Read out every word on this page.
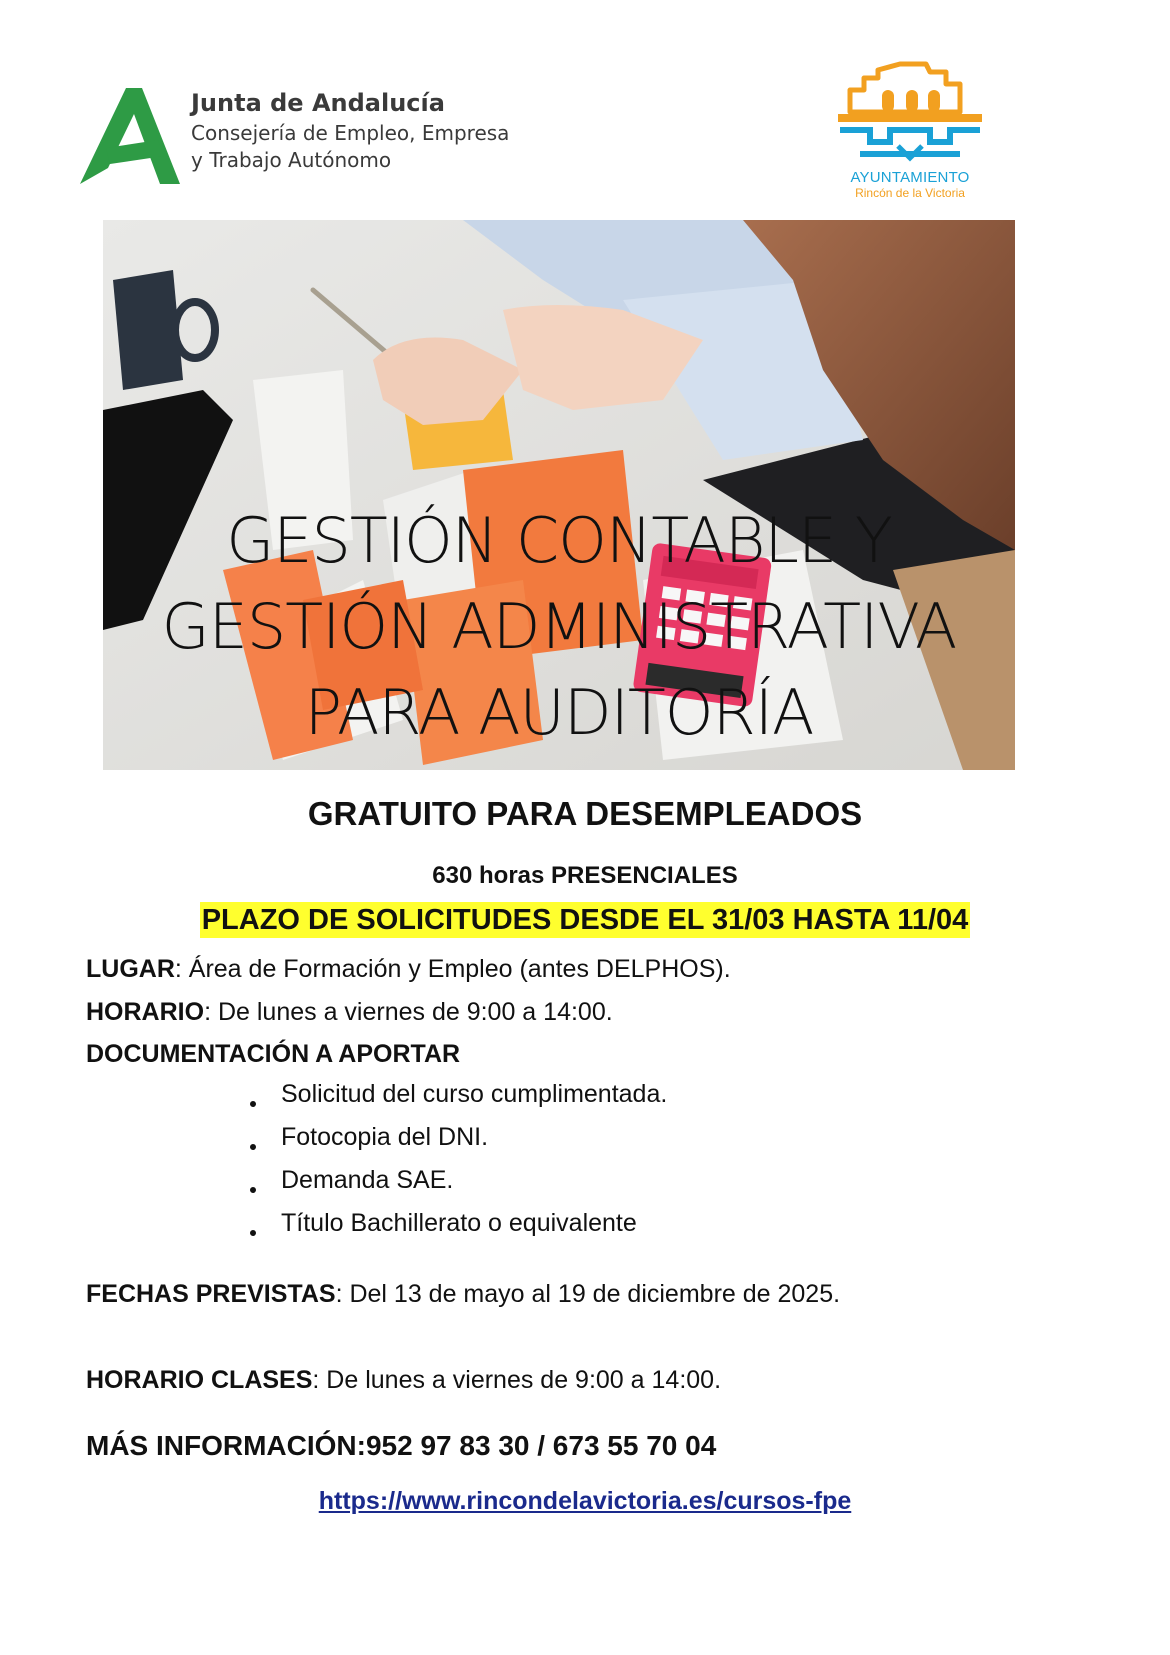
Junta de Andalucía
Consejería de Empleo, Empresa
y Trabajo Autónomo
AYUNTAMIENTO
Rincón de la Victoria
GESTIÓN CONTABLE Y
GESTIÓN ADMINISTRATIVA
PARA AUDITORÍA
GRATUITO PARA DESEMPLEADOS
630 horas PRESENCIALES
PLAZO DE SOLICITUDES DESDE EL 31/03 HASTA 11/04
LUGAR: Área de Formación y Empleo (antes DELPHOS).
HORARIO: De lunes a viernes de 9:00 a 14:00.
DOCUMENTACIÓN A APORTAR
Solicitud del curso cumplimentada.
Fotocopia del DNI.
Demanda SAE.
Título Bachillerato o equivalente
FECHAS PREVISTAS: Del 13 de mayo al 19 de diciembre de 2025.
HORARIO CLASES: De lunes a viernes de 9:00 a 14:00.
MÁS INFORMACIÓN:952 97 83 30 / 673 55 70 04
https://www.rincondelavictoria.es/cursos-fpe
